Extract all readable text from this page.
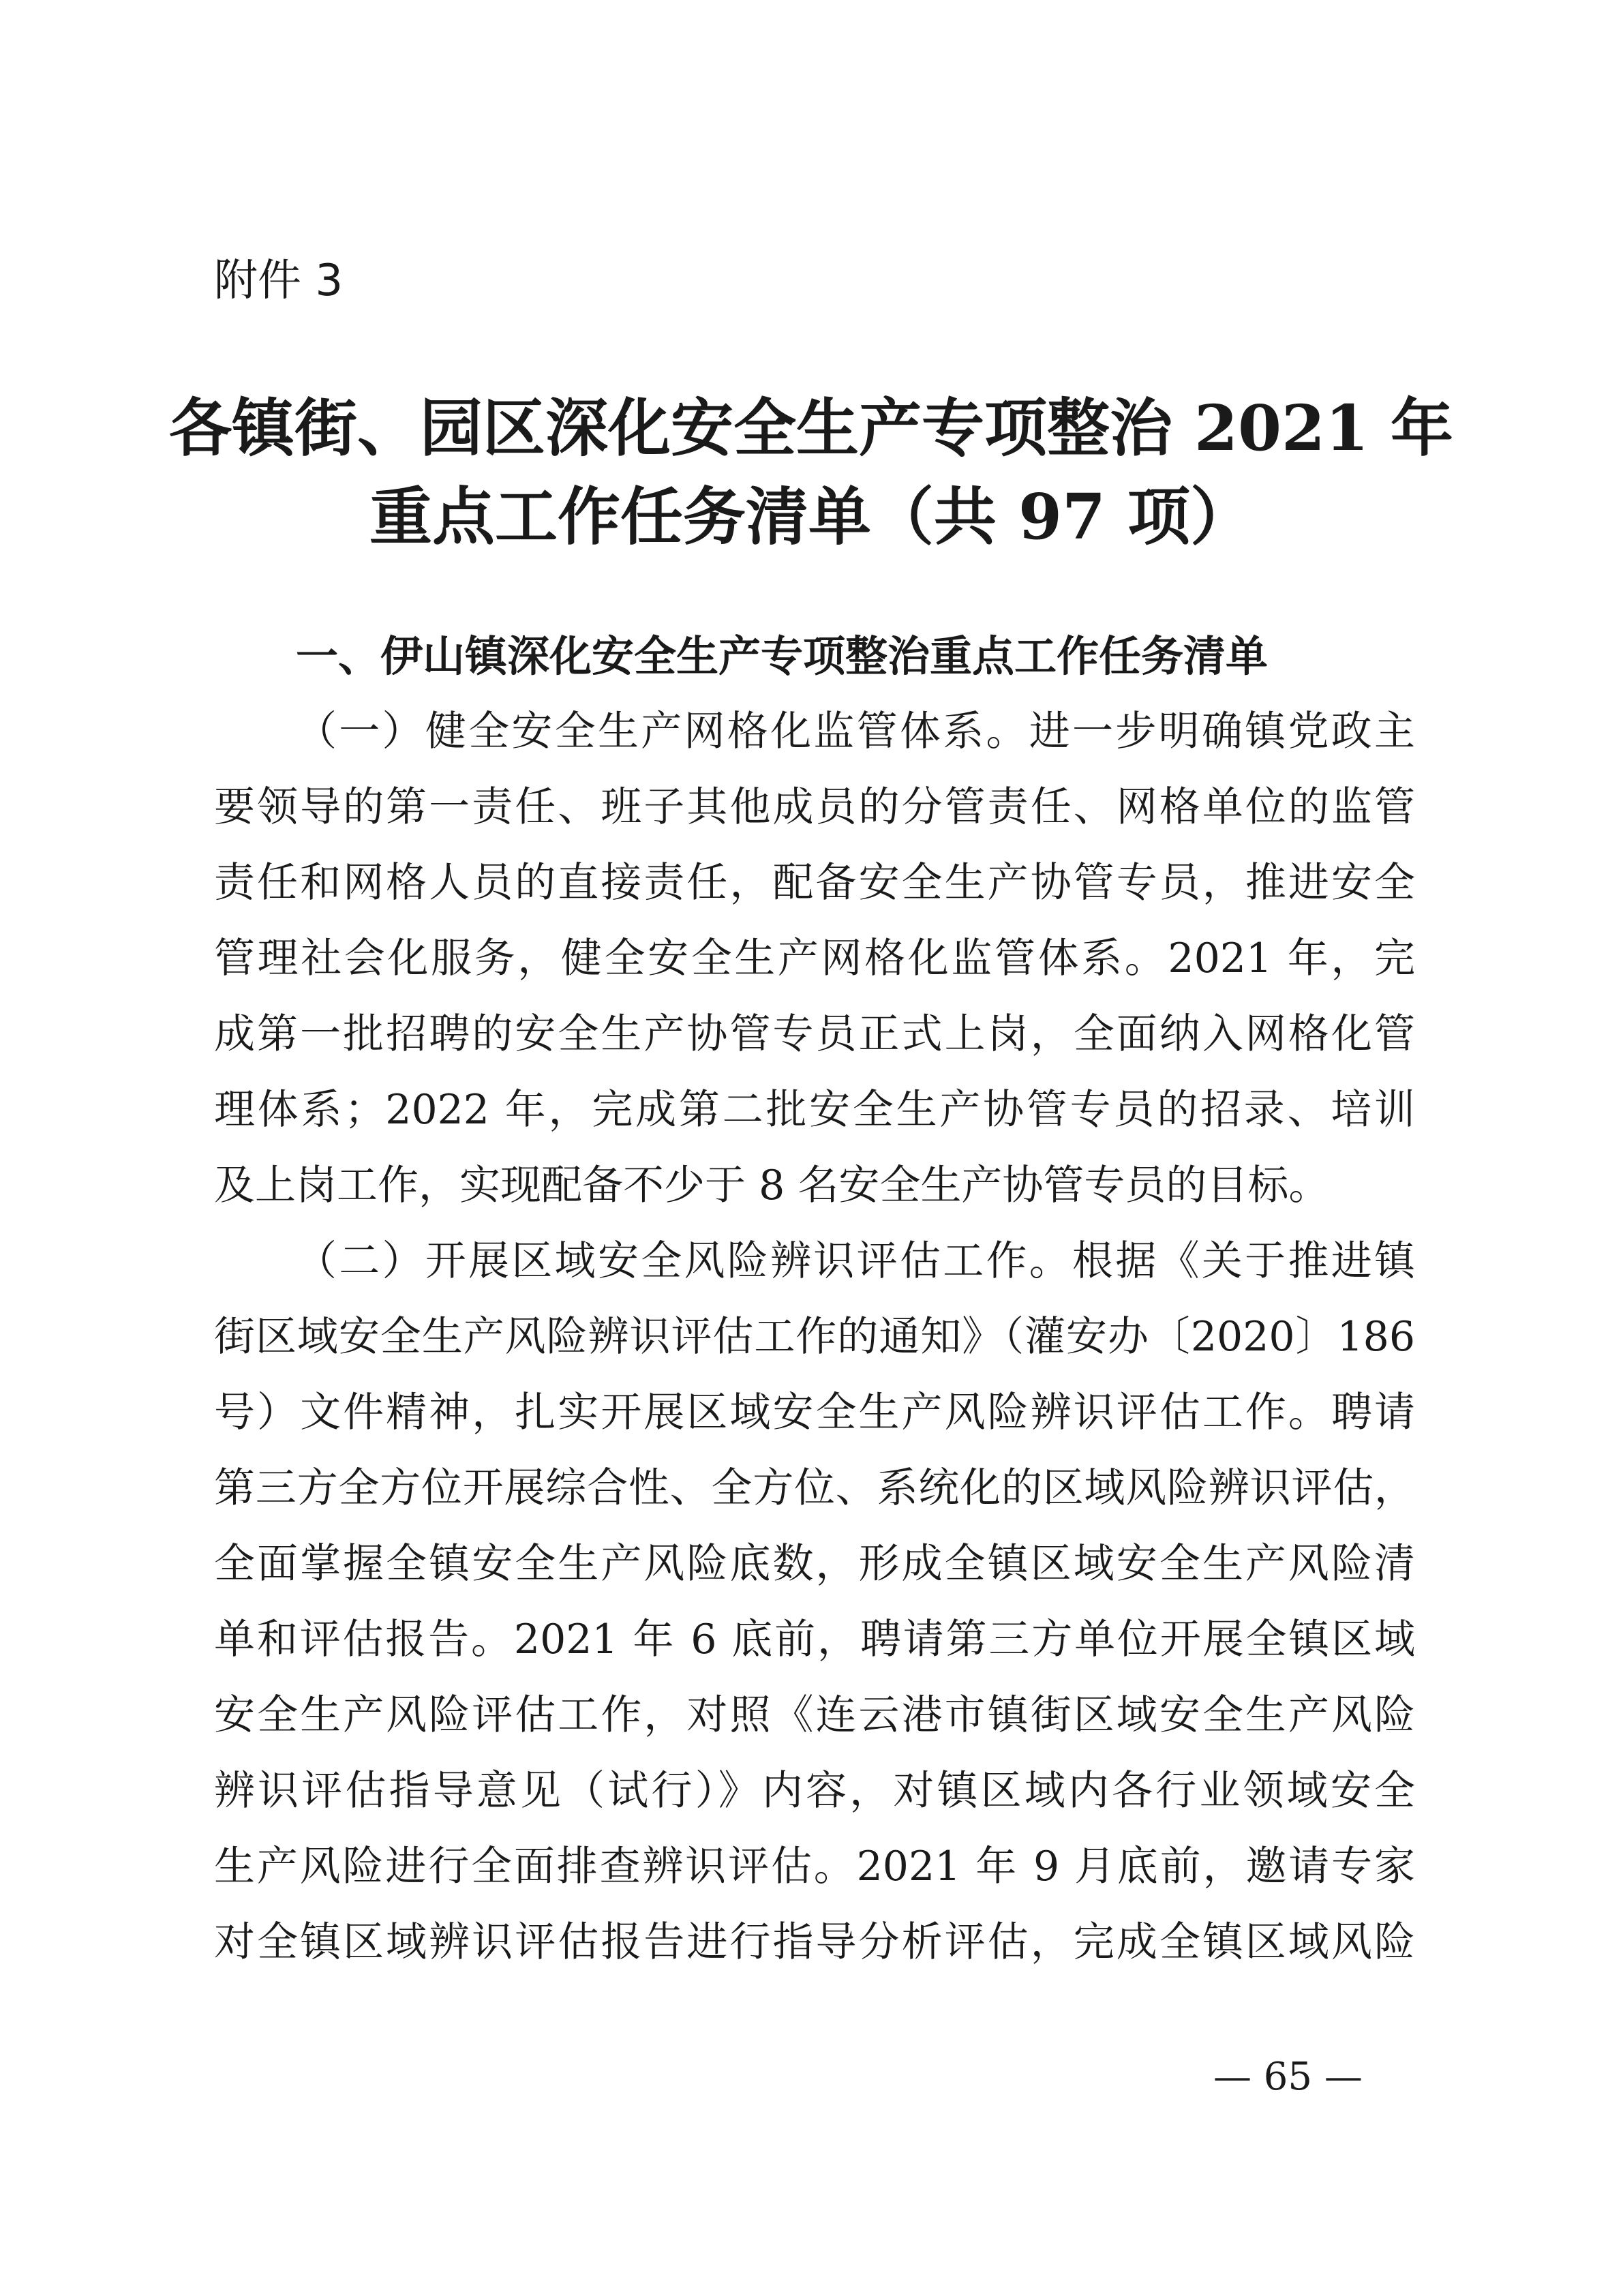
附件 3
各镇街、园区深化安全生产专项整治 2021 年
重点工作任务清单（共 97 项）
一、伊山镇深化安全生产专项整治重点工作任务清单
（一）健全安全生产网格化监管体系。进一步明确镇党政主
要领导的第一责任、班子其他成员的分管责任、网格单位的监管
责任和网格人员的直接责任，配备安全生产协管专员，推进安全
管理社会化服务，健全安全生产网格化监管体系。2021 年，完
成第一批招聘的安全生产协管专员正式上岗，全面纳入网格化管
理体系；2022 年，完成第二批安全生产协管专员的招录、培训
及上岗工作，实现配备不少于 8 名安全生产协管专员的目标。
（二）开展区域安全风险辨识评估工作。根据《关于推进镇
街区域安全生产风险辨识评估工作的通知》（灌安办〔2020〕186
号）文件精神，扎实开展区域安全生产风险辨识评估工作。聘请
第三方全方位开展综合性、全方位、系统化的区域风险辨识评估，
全面掌握全镇安全生产风险底数，形成全镇区域安全生产风险清
单和评估报告。2021 年 6 底前，聘请第三方单位开展全镇区域
安全生产风险评估工作，对照《连云港市镇街区域安全生产风险
辨识评估指导意见（试行）》内容，对镇区域内各行业领域安全
生产风险进行全面排查辨识评估。2021 年 9 月底前，邀请专家
对全镇区域辨识评估报告进行指导分析评估，完成全镇区域风险
— 65 —
